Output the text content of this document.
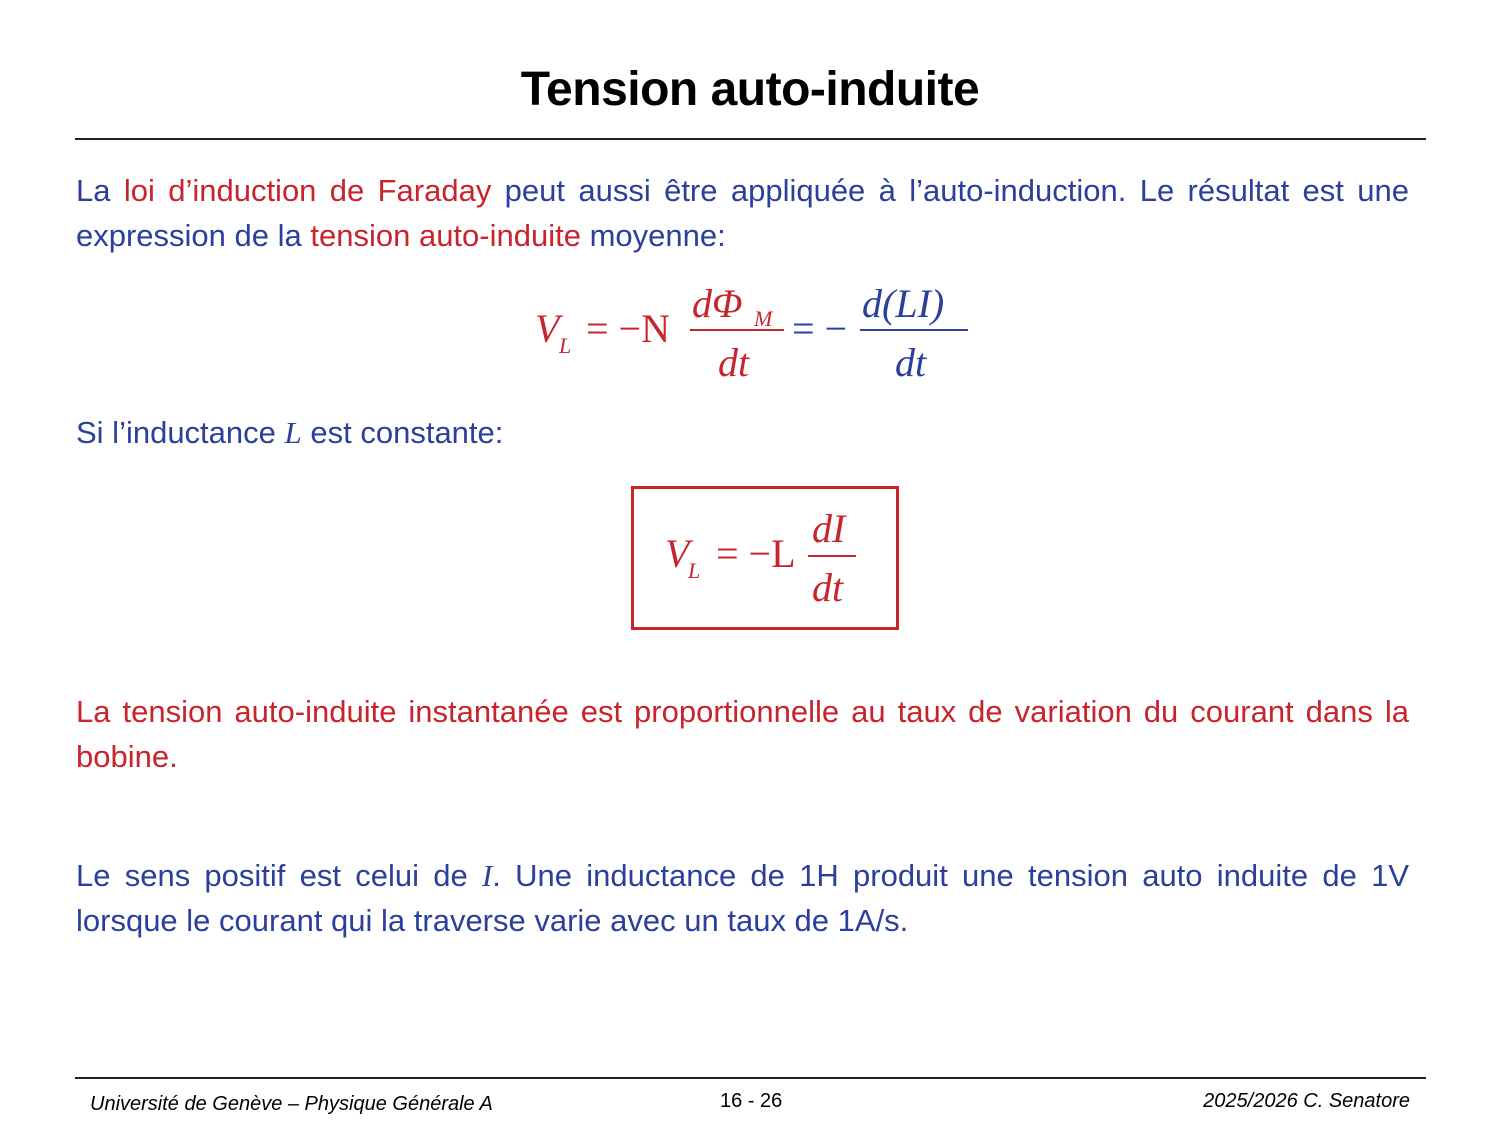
Tension auto-induite
La loi d’induction de Faraday peut aussi être appliquée à l’auto-induction. Le résultat est une expression de la tension auto-induite moyenne:
V L = −N
dΦ M
dt
= −
d(LI)
dt
Si l’inductance L est constante:
V
L = −L
dI
dt
La tension auto-induite instantanée est proportionnelle au taux de variation du courant dans la bobine.
Le sens positif est celui de I. Une inductance de 1H produit une tension auto induite de 1V lorsque le courant qui la traverse varie avec un taux de 1A/s.
Université de Genève – Physique Générale A	16 - 26	2025/2026 C. Senatore
